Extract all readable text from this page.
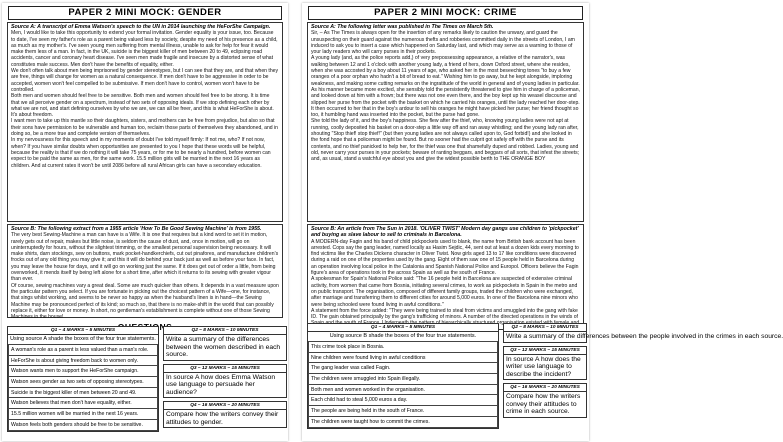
PAPER 2 MINI MOCK: GENDER
Source A: A transcript of Emma Watson's speech to the UN in 2014 launching the HeForShe Campaign.

Men, I would like to take this opportunity to extend your formal invitation. Gender equality is your issue, too. Because to date, I've seen my father's role as a parent being valued less by society, despite my need of his presence as a child, as much as my mother's. I've seen young men suffering from mental illness, unable to ask for help for fear it would make them less of a man. In fact, in the UK, suicide is the biggest killer of men between 20 to 49, eclipsing road accidents, cancer and coronary heart disease. I've seen men made fragile and insecure by a distorted sense of what constitutes male success. Men don't have the benefits of equality, either.

We don't often talk about men being imprisoned by gender stereotypes, but I can see that they are, and that when they are free, things will change for women as a natural consequence. If men don't have to be aggressive in order to be accepted, women won't feel compelled to be submissive. If men don't have to control, women won't have to be controlled.

Both men and women should feel free to be sensitive. Both men and women should feel free to be strong. It is time that we all perceive gender on a spectrum, instead of two sets of opposing ideals. If we stop defining each other by what we are not, and start defining ourselves by who we are, we can all be freer, and this is what HeForShe is about. It's about freedom.

I want men to take up this mantle so their daughters, sisters, and mothers can be free from prejudice, but also so that their sons have permission to be vulnerable and human too, reclaim those parts of themselves they abandoned, and in doing so, be a more true and complete version of themselves.

In my nervousness for this speech and in my moments of doubt I've told myself firmly: If not me, who? If not now, when? If you have similar doubts when opportunities are presented to you I hope that these words will be helpful, because the reality is that if we do nothing it will take 75 years, or for me to be nearly a hundred, before women can expect to be paid the same as men, for the same work. 15.5 million girls will be married in the next 16 years as children. And at current rates it won't be until 2086 before all rural African girls can have a secondary education.

Source B: The following extract from a 1955 article 'How To Be Good Sewing Machine' is from 1955.

The very best Sewing-Machine a man can have is a Wife. It is one that requires but a kind word to set it in motion, rarely gets out of repair, makes but little noise, is seldom the cause of dust, and, once in motion, will go on uninterruptedly for hours, without the slightest trimming, or the smallest personal supervision being necessary. It will make shirts, darn stockings, sew on buttons, mark pocket-handkerchiefs, cut out pinafores, and manufacture children's frocks out of any old thing you may give it; and this it will do behind your back just as well as before your face. In fact, you may leave the house for days, and it will go on working just the same. If it does get out of order a little, from being overworked, it mends itself by being left alone for a short time, after which it returns to its sewing with greater vigour than ever.

Of course, sewing machines vary a great deal. Some are much quicker than others. It depends in a vast measure upon the particular pattern you select. If you are fortunate in picking out the choicest pattern of a Wife—one, for instance, that sings whilst working, and seems to be never so happy as when the husband's linen is in hand—the Sewing Machine may be pronounced perfect of its kind; so much so, that there is no make-shift in the world that can possibly replace it, either for love or money. In short, no gentleman's establishment is complete without one of those Sewing Machines in the house!

Q1 – 4 MARKS – 5 MINUTES
Using source A shade the boxes of the four true statements.
A woman's role as a parent is less valued than a man's role.
HeForShe is about giving freedom back to women only.
Watson wants men to support the HeForShe campaign.
Watson sees gender as two sets of opposing stereotypes.
Suicide is the biggest killer of men between 20 and 49.
Watson believes that men don't have equality, either.
15.5 million women will be married in the next 16 years.
Watson feels both genders should be free to be sensitive.
Q2 – 8 MARKS – 10 MINUTES
Write a summary of the differences between the women described in each source.
Q3 – 12 MARKS – 15 MINUTES
In source A how does Emma Watson use language to persuade her audience?
Q4 – 16 MARKS – 20 MINUTES
Compare how the writers convey their attitudes to gender.
PAPER 2 MINI MOCK: CRIME
Source A: The following letter was published in The Times on March 5th.

Sir, – As The Times is always open for the insertion of any remarks likely to caution the unwary, and guard the unsuspecting on their guard against the numerous thefts and robberies committed daily in the streets of London, I am induced to ask you to insert a case which happened on Saturday last, and which may serve as a warning to those of your lady readers who will carry purses in their pockets.

A young lady (and, as the police reports add,) of very prepossessing appearance, a relative of the narrator's, was walking between 12 and 1 o'clock with another young lady, a friend of hers, down Oxford street, where she resides, when she was accosted by a boy about 11 years of age, who asked her in the most beseeching tones "to buy a few oranges of a poor orphan who hadn't a bit of bread to eat." Wishing him to go away, but he kept alongside, imploring weakness, and making some cutting remarks on the ingratitude of the world in general and of young ladies in particular. As his manner became more excited, she sensibly told the persistently threatened to give him in charge of a policeman, and looked down at him with a frown; but there was not one even there, and the boy kept up his weasel discourse and slipped her purse from the pocket with the basket on which he carried his oranges, until the lady reached her door-step. It then occurred to her that in the boy's ardour to sell his oranges he might have picked her purse; her friend thought so too, it humbling hand was inserted into the pocket, but the purse had gone.

She told the lady of it, and the boy's happiness. She flew after the thief, who, knowing young ladies were not apt at running, coolly deposited his basket on a door-step a little way off and ran away whistling; and the young lady ran after, shouting "Stop thief! stop thief!" (but then young ladies are not always called upon to, God forbid!) and she looked in the fond hope that a policeman might be found. But no sooner had the culprit got safely off with the purse and its contents, and no thief panicked to help her, for the thief was one that shamefully duped and robbed. Ladies, young and old, never carry your purses in your pockets; beware of ranting beggars, and beggars of all sorts, that infest the streets; and, as usual, stand a watchful eye about you and give the widest possible berth to THE ORANGE BOY

Source B: An article from The Sun in 2018. 'OLIVER TWIST' Modern day gangs use children to 'pickpocket' and buying as slave labour to sell to criminals in Barcelona.

A MODERN-day Fagin and his band of child pickpockets used to blank, the name from British bank account has been arrested. Cops say the gang leader, named locally as Hasim Sejdic, 44, sent out at least a dozen kids every morning to find victims like the Charles Dickens character in Oliver Twist. Now girls aged 13 to 17 like conditions were discovered during a raid on one of the properties used by the gang. Eight of them saw one of 15 people held in Barcelona during an operation involving local police in the Catalonia and Spanish National Police and Europol. Officers believe the Fagin figure's area of operations took in the across Spain as well as the south of France.

A spokesman for Spain's National Police said: "The 16 people held in Barcelona are suspected of extensive criminal activity, from women that came from Bosnia, initiating several crimes, to work as pickpockets in Spain in the metro and on public transport. The organisation, composed of different family groups, traded the children who were exchanged, after marriage and transferring them to different cities for around 5,000 euros. In one of the Barcelona nine minors who were being schooled were found living in awful conditions."

A statement from the force added: "They were being trained to steal from victims and smuggled into the gang with fake ID. The gain obtained principally by the gang's trafficking of minors. A number of the directed operations in the winds of

Q1 – 4 MARKS – 5 MINUTES
Using source B shade the boxes of the four true statements.
This crime took place in Bosnia.
Nine children were found living in awful conditions
The gang leader was called Fagin.
The children were smuggled into Spain illegally.
Both men and women worked in the organisation.
Each child had to steal 5,000 euros a day.
The people are being held in the south of France.
The children were taught how to commit the crimes.
Q2 – 8 MARKS – 10 MINUTES
Write a summary of the differences between the people involved in the crimes in each source.
Q3 – 12 MARKS – 15 MINUTES
In source A how does the writer use language to describe the incident?
Q4 – 16 MARKS – 20 MINUTES
Compare how the writers convey their attitudes to crime in each source.
